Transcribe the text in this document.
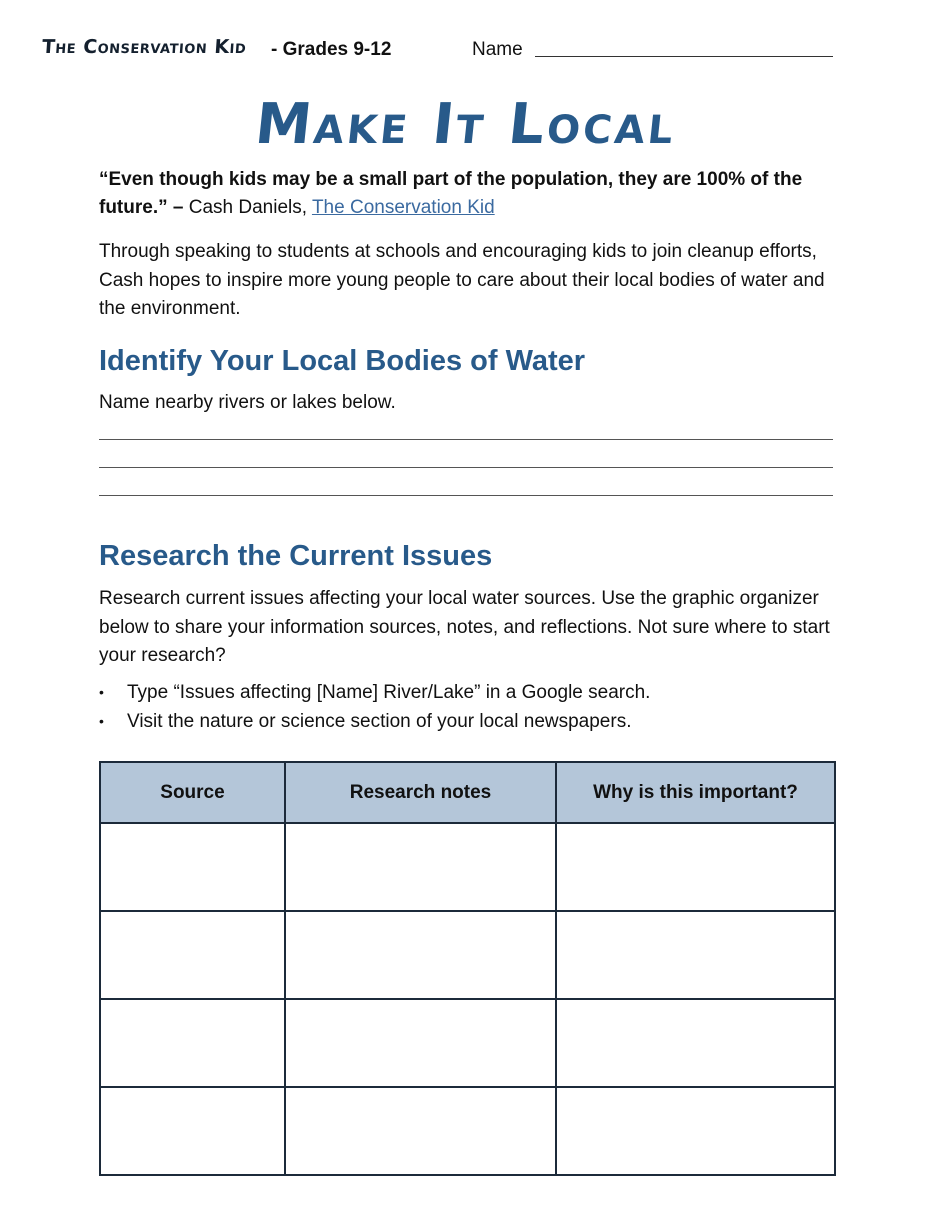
The Conservation Kid - Grades 9-12	Name
Make It Local
“Even though kids may be a small part of the population, they are 100% of the future.” – Cash Daniels, The Conservation Kid
Through speaking to students at schools and encouraging kids to join cleanup efforts, Cash hopes to inspire more young people to care about their local bodies of water and the environment.
Identify Your Local Bodies of Water
Name nearby rivers or lakes below.
Research the Current Issues
Research current issues affecting your local water sources. Use the graphic organizer below to share your information sources, notes, and reflections. Not sure where to start your research?
• Type “Issues affecting [Name] River/Lake” in a Google search.
• Visit the nature or science section of your local newspapers.
Source	Research notes	Why is this important?
